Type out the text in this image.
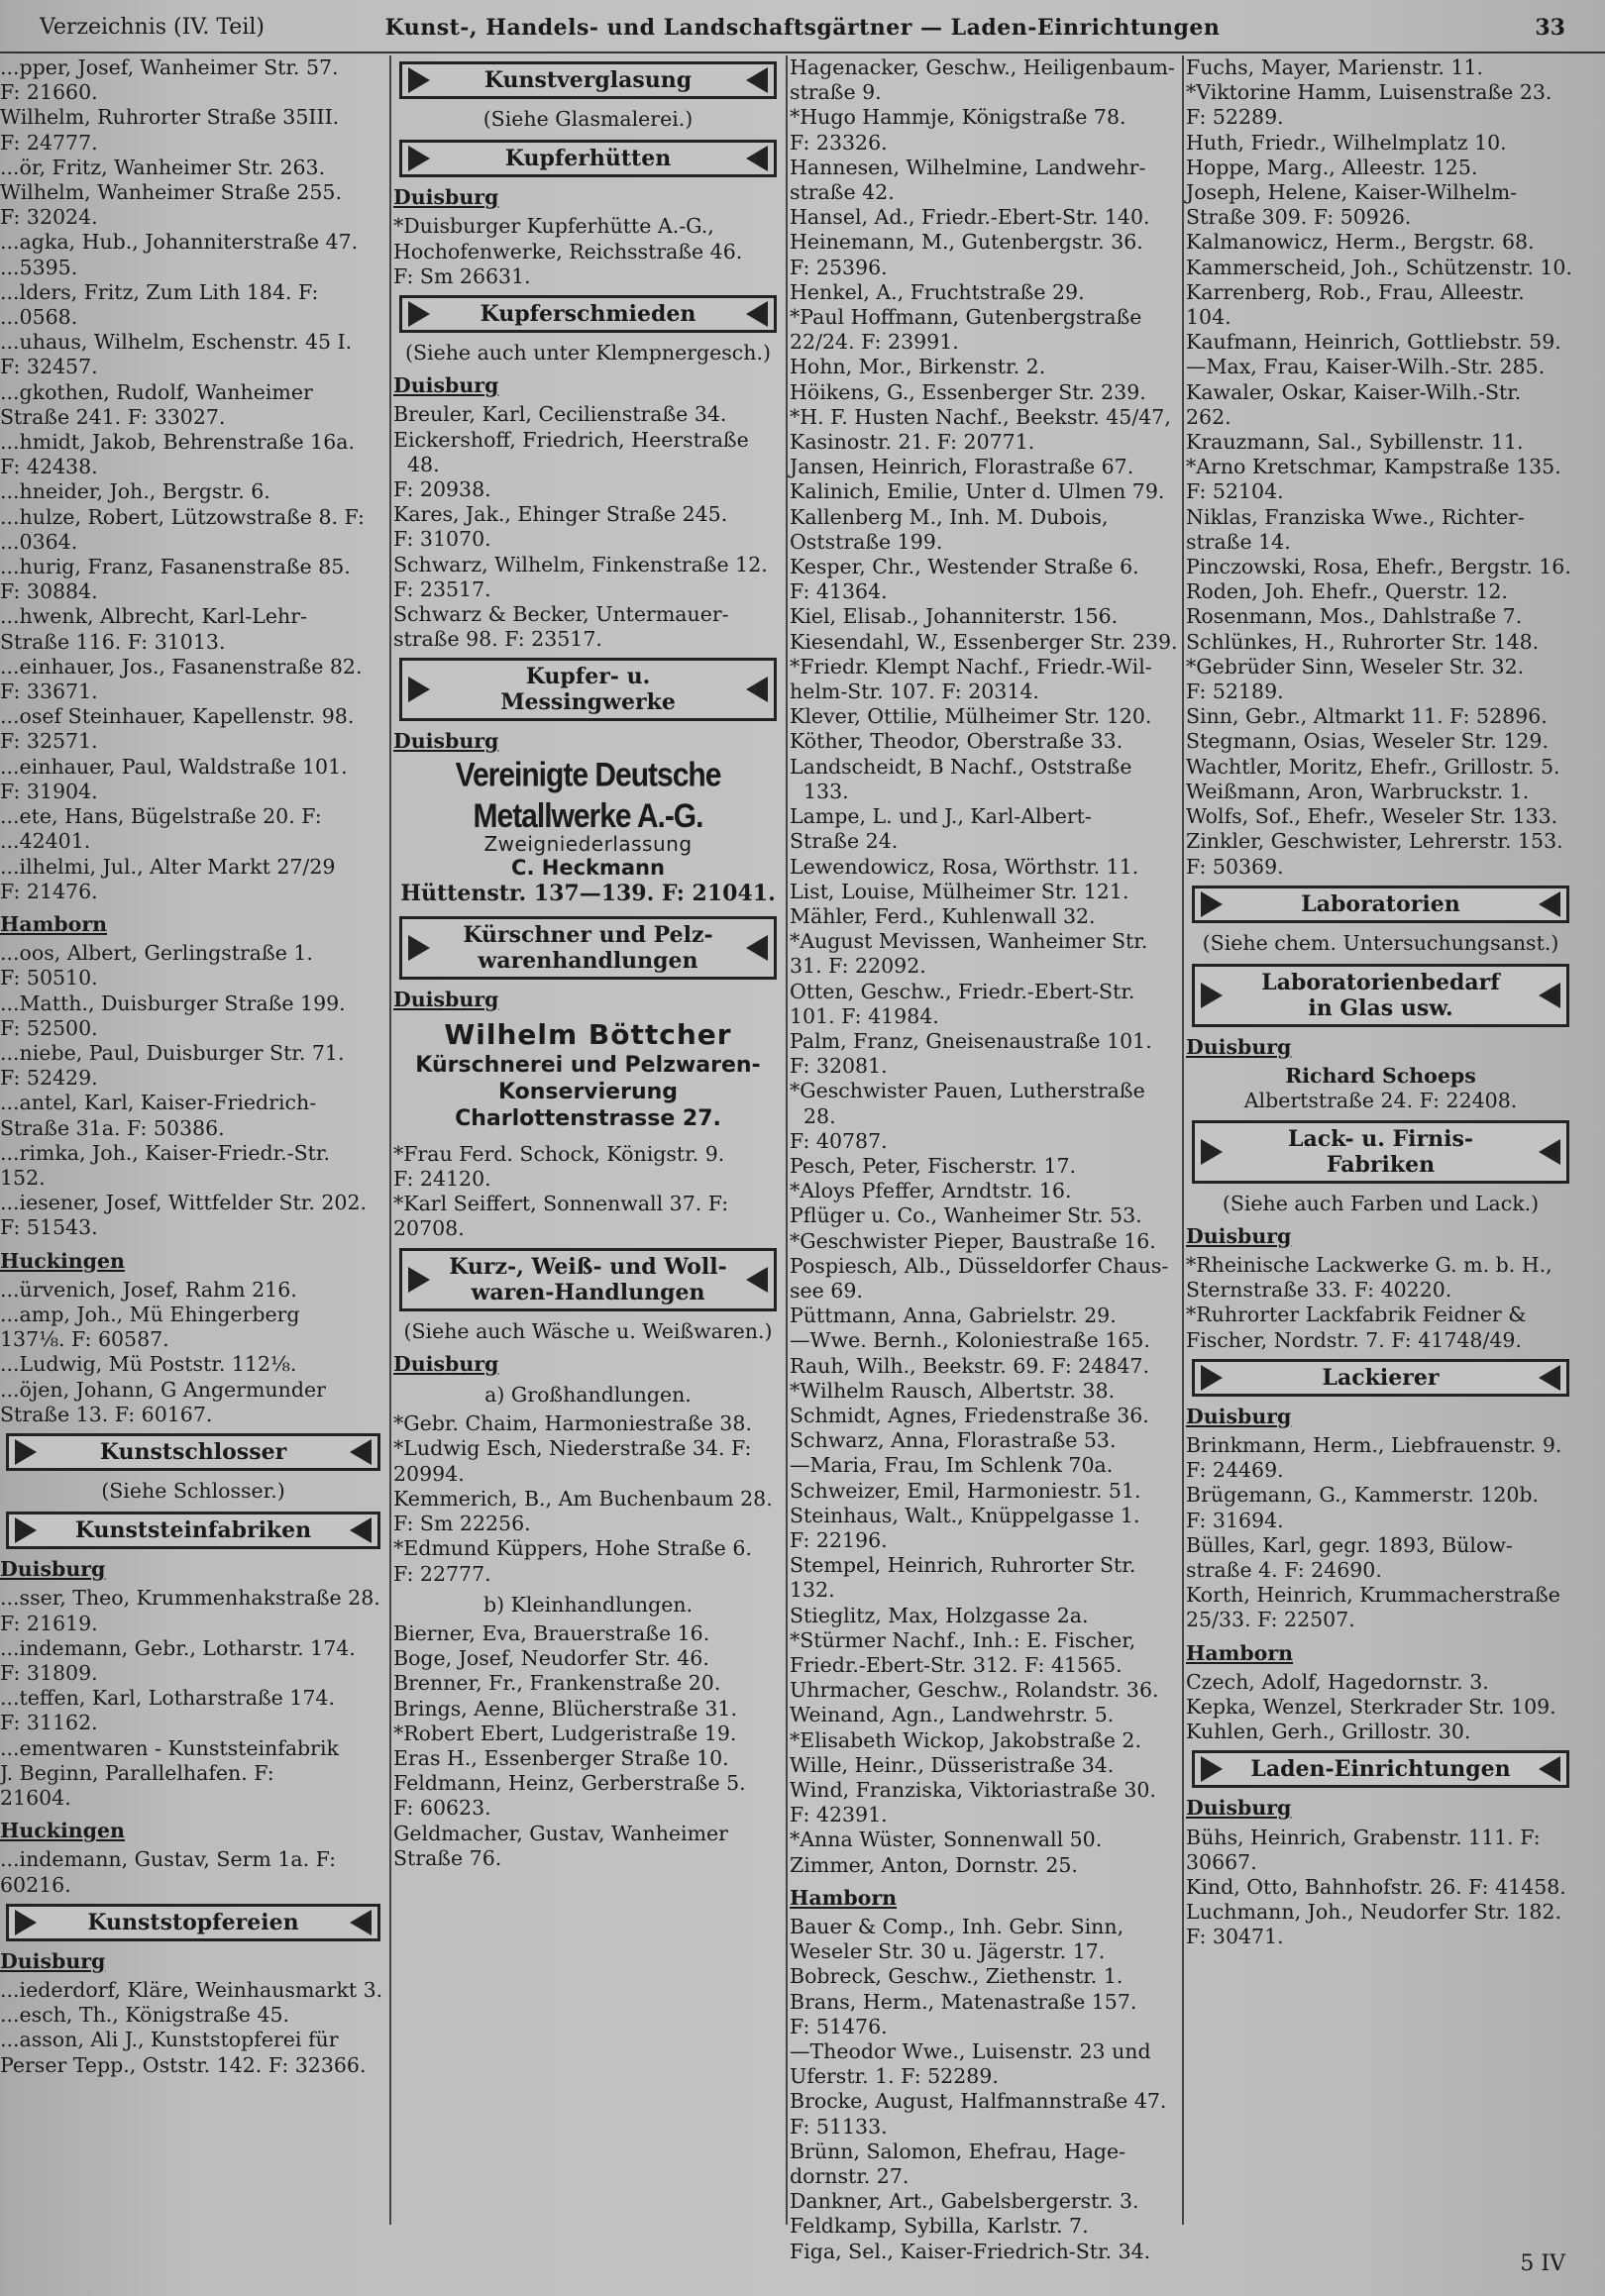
Verzeichnis (IV. Teil)	Kunst-, Handels- und Landschaftsgärtner — Laden-Einrichtungen	33

...pper, Josef, Wanheimer Str. 57.

F: 21660.

Wilhelm, Ruhrorter Straße 35III.

F: 24777.

...ör, Fritz, Wanheimer Str. 263.

Wilhelm, Wanheimer Straße 255.

F: 32024.

...agka, Hub., Johanniterstraße 47.

...5395.

...lders, Fritz, Zum Lith 184. F:

...0568.

...uhaus, Wilhelm, Eschenstr. 45 I.

F: 32457.

...gkothen, Rudolf, Wanheimer

Straße 241. F: 33027.

...hmidt, Jakob, Behrenstraße 16a.

F: 42438.

...hneider, Joh., Bergstr. 6.

...hulze, Robert, Lützowstraße 8. F:

...0364.

...hurig, Franz, Fasanenstraße 85.

F: 30884.

...hwenk, Albrecht, Karl-Lehr-

Straße 116. F: 31013.

...einhauer, Jos., Fasanenstraße 82.

F: 33671.

...osef Steinhauer, Kapellenstr. 98.

F: 32571.

...einhauer, Paul, Waldstraße 101.

F: 31904.

...ete, Hans, Bügelstraße 20. F:

...42401.

...ilhelmi, Jul., Alter Markt 27/29

F: 21476.

Hamborn

...oos, Albert, Gerlingstraße 1.

F: 50510.

...Matth., Duisburger Straße 199.

F: 52500.

...niebe, Paul, Duisburger Str. 71.

F: 52429.

...antel, Karl, Kaiser-Friedrich-

Straße 31a. F: 50386.

...rimka, Joh., Kaiser-Friedr.-Str.

152.

...iesener, Josef, Wittfelder Str. 202.

F: 51543.

Huckingen

...ürvenich, Josef, Rahm 216.

...amp, Joh., Mü Ehingerberg

137⅛. F: 60587.

...Ludwig, Mü Poststr. 112⅛.

...öjen, Johann, G Angermunder

Straße 13. F: 60167.

Kunstschlosser
(Siehe Schlosser.)
Kunststeinfabriken
Duisburg

...sser, Theo, Krummenhakstraße 28.

F: 21619.

...indemann, Gebr., Lotharstr. 174.

F: 31809.

...teffen, Karl, Lotharstraße 174.

F: 31162.

...ementwaren - Kunststeinfabrik

J. Beginn, Parallelhafen. F:

21604.

Huckingen

...indemann, Gustav, Serm 1a. F:

60216.

Kunststopfereien
Duisburg

...iederdorf, Kläre, Weinhausmarkt 3.

...esch, Th., Königstraße 45.

...asson, Ali J., Kunststopferei für

Perser Tepp., Oststr. 142. F: 32366.

Kunstverglasung
(Siehe Glasmalerei.)
Kupferhütten
Duisburg

*Duisburger Kupferhütte A.-G.,

Hochofenwerke, Reichsstraße 46.

F: Sm 26631.

Kupferschmieden
(Siehe auch unter Klempnergesch.)
Duisburg

Breuler, Karl, Cecilienstraße 34.

Eickershoff, Friedrich, Heerstraße 48.

F: 20938.

Kares, Jak., Ehinger Straße 245.

F: 31070.

Schwarz, Wilhelm, Finkenstraße 12.

F: 23517.

Schwarz & Becker, Untermauer-

straße 98. F: 23517.

Kupfer- u. Messingwerke
Duisburg
Vereinigte Deutsche Metallwerke A.-G.
Zweigniederlassung
C. Heckmann
Hüttenstr. 137—139. F: 21041.
Kürschner und Pelz-
warenhandlungen
Duisburg
Wilhelm Böttcher
Kürschnerei und Pelzwaren-
Konservierung
Charlottenstrasse 27.

*Frau Ferd. Schock, Königstr. 9.

F: 24120.

*Karl Seiffert, Sonnenwall 37. F:

20708.

Kurz-, Weiß- und Woll-
waren-Handlungen
(Siehe auch Wäsche u. Weißwaren.)
Duisburg
a) Großhandlungen.

*Gebr. Chaim, Harmoniestraße 38.

*Ludwig Esch, Niederstraße 34. F:

20994.

Kemmerich, B., Am Buchenbaum 28.

F: Sm 22256.

*Edmund Küppers, Hohe Straße 6.

F: 22777.

b) Kleinhandlungen.

Bierner, Eva, Brauerstraße 16.

Boge, Josef, Neudorfer Str. 46.

Brenner, Fr., Frankenstraße 20.

Brings, Aenne, Blücherstraße 31.

*Robert Ebert, Ludgeristraße 19.

Eras H., Essenberger Straße 10.

Feldmann, Heinz, Gerberstraße 5.

F: 60623.

Geldmacher, Gustav, Wanheimer

Straße 76.

Hagenacker, Geschw., Heiligenbaum-

straße 9.

*Hugo Hammje, Königstraße 78.

F: 23326.

Hannesen, Wilhelmine, Landwehr-

straße 42.

Hansel, Ad., Friedr.-Ebert-Str. 140.

Heinemann, M., Gutenbergstr. 36.

F: 25396.

Henkel, A., Fruchtstraße 29.

*Paul Hoffmann, Gutenbergstraße

22/24. F: 23991.

Hohn, Mor., Birkenstr. 2.

Höikens, G., Essenberger Str. 239.

*H. F. Husten Nachf., Beekstr. 45/47,

Kasinostr. 21. F: 20771.

Jansen, Heinrich, Florastraße 67.

Kalinich, Emilie, Unter d. Ulmen 79.

Kallenberg M., Inh. M. Dubois,

Oststraße 199.

Kesper, Chr., Westender Straße 6.

F: 41364.

Kiel, Elisab., Johanniterstr. 156.

Kiesendahl, W., Essenberger Str. 239.

*Friedr. Klempt Nachf., Friedr.-Wil-

helm-Str. 107. F: 20314.

Klever, Ottilie, Mülheimer Str. 120.

Köther, Theodor, Oberstraße 33.

Landscheidt, B Nachf., Oststraße 133.

Lampe, L. und J., Karl-Albert-

Straße 24.

Lewendowicz, Rosa, Wörthstr. 11.

List, Louise, Mülheimer Str. 121.

Mähler, Ferd., Kuhlenwall 32.

*August Mevissen, Wanheimer Str.

31. F: 22092.

Otten, Geschw., Friedr.-Ebert-Str.

101. F: 41984.

Palm, Franz, Gneisenaustraße 101.

F: 32081.

*Geschwister Pauen, Lutherstraße 28.

F: 40787.

Pesch, Peter, Fischerstr. 17.

*Aloys Pfeffer, Arndtstr. 16.

Pflüger u. Co., Wanheimer Str. 53.

*Geschwister Pieper, Baustraße 16.

Pospiesch, Alb., Düsseldorfer Chaus-

see 69.

Püttmann, Anna, Gabrielstr. 29.

—Wwe. Bernh., Koloniestraße 165.

Rauh, Wilh., Beekstr. 69. F: 24847.

*Wilhelm Rausch, Albertstr. 38.

Schmidt, Agnes, Friedenstraße 36.

Schwarz, Anna, Florastraße 53.

—Maria, Frau, Im Schlenk 70a.

Schweizer, Emil, Harmoniestr. 51.

Steinhaus, Walt., Knüppelgasse 1.

F: 22196.

Stempel, Heinrich, Ruhrorter Str.

132.

Stieglitz, Max, Holzgasse 2a.

*Stürmer Nachf., Inh.: E. Fischer,

Friedr.-Ebert-Str. 312. F: 41565.

Uhrmacher, Geschw., Rolandstr. 36.

Weinand, Agn., Landwehrstr. 5.

*Elisabeth Wickop, Jakobstraße 2.

Wille, Heinr., Düsseristraße 34.

Wind, Franziska, Viktoriastraße 30.

F: 42391.

*Anna Wüster, Sonnenwall 50.

Zimmer, Anton, Dornstr. 25.

Hamborn

Bauer & Comp., Inh. Gebr. Sinn,

Weseler Str. 30 u. Jägerstr. 17.

Bobreck, Geschw., Ziethenstr. 1.

Brans, Herm., Matenastraße 157.

F: 51476.

—Theodor Wwe., Luisenstr. 23 und

Uferstr. 1. F: 52289.

Brocke, August, Halfmannstraße 47.

F: 51133.

Brünn, Salomon, Ehefrau, Hage-

dornstr. 27.

Dankner, Art., Gabelsbergerstr. 3.

Feldkamp, Sybilla, Karlstr. 7.

Figa, Sel., Kaiser-Friedrich-Str. 34.

Fuchs, Mayer, Marienstr. 11.

*Viktorine Hamm, Luisenstraße 23.

F: 52289.

Huth, Friedr., Wilhelmplatz 10.

Hoppe, Marg., Alleestr. 125.

Joseph, Helene, Kaiser-Wilhelm-

Straße 309. F: 50926.

Kalmanowicz, Herm., Bergstr. 68.

Kammerscheid, Joh., Schützenstr. 10.

Karrenberg, Rob., Frau, Alleestr.

104.

Kaufmann, Heinrich, Gottliebstr. 59.

—Max, Frau, Kaiser-Wilh.-Str. 285.

Kawaler, Oskar, Kaiser-Wilh.-Str.

262.

Krauzmann, Sal., Sybillenstr. 11.

*Arno Kretschmar, Kampstraße 135.

F: 52104.

Niklas, Franziska Wwe., Richter-

straße 14.

Pinczowski, Rosa, Ehefr., Bergstr. 16.

Roden, Joh. Ehefr., Querstr. 12.

Rosenmann, Mos., Dahlstraße 7.

Schlünkes, H., Ruhrorter Str. 148.

*Gebrüder Sinn, Weseler Str. 32.

F: 52189.

Sinn, Gebr., Altmarkt 11. F: 52896.

Stegmann, Osias, Weseler Str. 129.

Wachtler, Moritz, Ehefr., Grillostr. 5.

Weißmann, Aron, Warbruckstr. 1.

Wolfs, Sof., Ehefr., Weseler Str. 133.

Zinkler, Geschwister, Lehrerstr. 153.

F: 50369.

Laboratorien
(Siehe chem. Untersuchungsanst.)
Laboratorienbedarf
in Glas usw.
Duisburg
Richard Schoeps
Albertstraße 24. F: 22408.
Lack- u. Firnis-Fabriken
(Siehe auch Farben und Lack.)
Duisburg

*Rheinische Lackwerke G. m. b. H.,

Sternstraße 33. F: 40220.

*Ruhrorter Lackfabrik Feidner &

Fischer, Nordstr. 7. F: 41748/49.

Lackierer
Duisburg

Brinkmann, Herm., Liebfrauenstr. 9.

F: 24469.

Brügemann, G., Kammerstr. 120b.

F: 31694.

Bülles, Karl, gegr. 1893, Bülow-

straße 4. F: 24690.

Korth, Heinrich, Krummacherstraße

25/33. F: 22507.

Hamborn

Czech, Adolf, Hagedornstr. 3.

Kepka, Wenzel, Sterkrader Str. 109.

Kuhlen, Gerh., Grillostr. 30.

Laden-Einrichtungen
Duisburg

Bühs, Heinrich, Grabenstr. 111. F:

30667.

Kind, Otto, Bahnhofstr. 26. F: 41458.

Luchmann, Joh., Neudorfer Str. 182.

F: 30471.

5 IV
